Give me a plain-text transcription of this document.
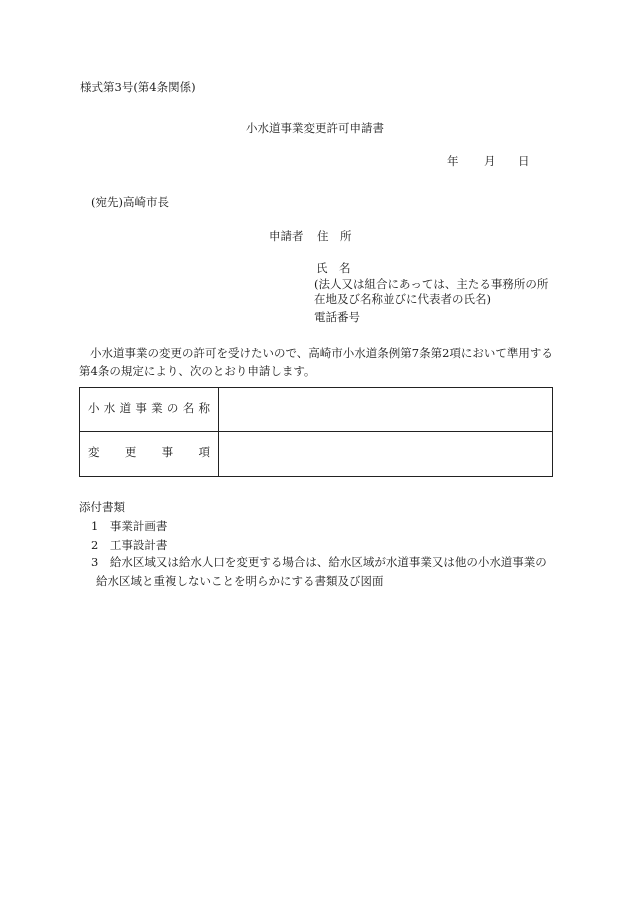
様式第3号(第4条関係)
小水道事業変更許可申請書
年 月 日
(宛先)高崎市長
申請者 住　所
氏　名
(法人又は組合にあっては、主たる事務所の所在地及び名称並びに代表者の氏名)
電話番号
小水道事業の変更の許可を受けたいので、高崎市小水道条例第7条第2項において準用する第4条の規定により、次のとおり申請します。
小水道事業の名称
変更事項
添付書類
1　事業計画書
2　工事設計書
3　給水区域又は給水人口を変更する場合は、給水区域が水道事業又は他の小水道事業の
給水区域と重複しないことを明らかにする書類及び図面
